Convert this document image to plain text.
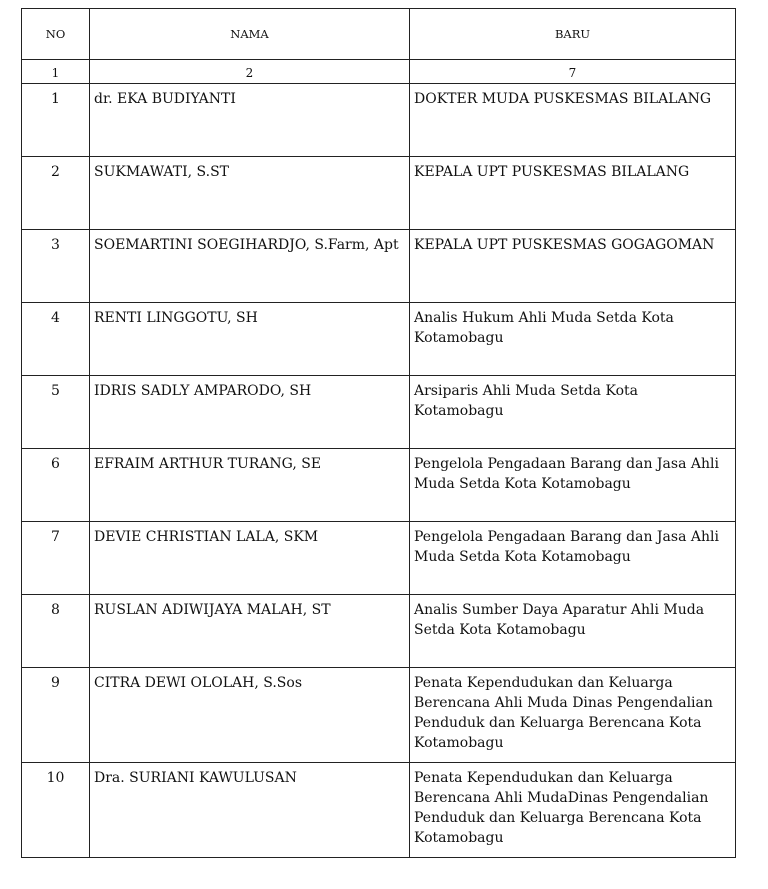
NO	NAMA	BARU
1	2	7
1	dr. EKA BUDIYANTI	DOKTER MUDA PUSKESMAS BILALANG
2	SUKMAWATI, S.ST	KEPALA UPT PUSKESMAS BILALANG
3	SOEMARTINI SOEGIHARDJO, S.Farm, Apt	KEPALA UPT PUSKESMAS GOGAGOMAN
4	RENTI LINGGOTU, SH	Analis Hukum Ahli Muda Setda Kota Kotamobagu
5	IDRIS SADLY AMPARODO, SH	Arsiparis Ahli Muda Setda Kota Kotamobagu
6	EFRAIM ARTHUR TURANG, SE	Pengelola Pengadaan Barang dan Jasa Ahli Muda Setda Kota Kotamobagu
7	DEVIE CHRISTIAN LALA, SKM	Pengelola Pengadaan Barang dan Jasa Ahli Muda Setda Kota Kotamobagu
8	RUSLAN ADIWIJAYA MALAH, ST	Analis Sumber Daya Aparatur Ahli Muda Setda Kota Kotamobagu
9	CITRA DEWI OLOLAH, S.Sos	Penata Kependudukan dan Keluarga Berencana Ahli Muda Dinas Pengendalian Penduduk dan Keluarga Berencana Kota Kotamobagu
10	Dra. SURIANI KAWULUSAN	Penata Kependudukan dan Keluarga Berencana Ahli MudaDinas Pengendalian Penduduk dan Keluarga Berencana Kota Kotamobagu
